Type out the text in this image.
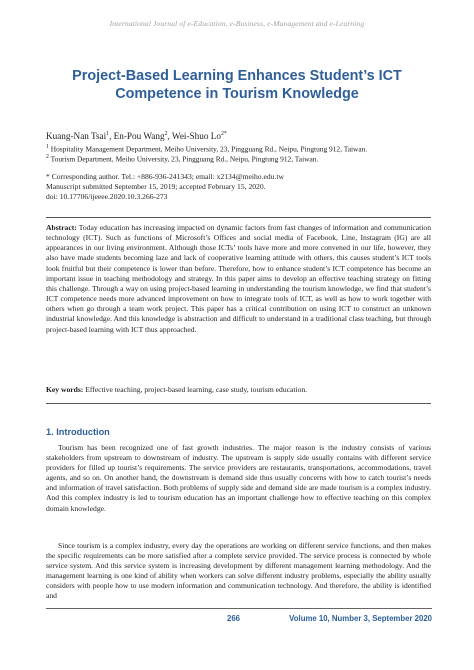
International Journal of e-Education, e-Business, e-Management and e-Learning
Project-Based Learning Enhances Student’s ICT
Competence in Tourism Knowledge
Kuang-Nan Tsai$^1$, En-Pou Wang$^2$, Wei-Shuo $Lo^{2*}$
$^1$ Hospitality Management Department, Meiho University, 23, Pingguang Rd., Neipu, Pingtung 912, Taiwan.
$^2$ Tourism Department, Meiho University, 23, Pingguang Rd., Neipu, Pingtung 912, Taiwan.
* Corresponding author. Tel.: +886-936-241343; email: x2134@meiho.edu.tw
Manuscript submitted September 15, 2019; accepted February 15, 2020.
doi: 10.17706/ijeeee.2020.10.3.266-273
Abstract: Today education has increasing impacted on dynamic factors from fast changes of information and communication technology (ICT). Such as functions of Microsoft’s Offices and social media of Facebook, Line, Instagram (IG) are all appearances in our living environment. Although those ICTs’ tools have more and more convened in our life, however, they also have made students becoming laze and lack of cooperative learning attitude with others, this causes student’s ICT tools look fruitful but their competence is lower than before. Therefore, how to enhance student’s ICT competence has become an important issue in teaching methodology and strategy. In this paper aims to develop an effective teaching strategy on fitting this challenge. Through a way on using project-based learning in understanding the tourism knowledge, we find that student’s ICT competence needs more advanced improvement on how to integrate tools of ICT, as well as how to work together with others when go through a team work project. This paper has a critical contribution on using ICT to construct an unknown industrial knowledge. And this knowledge is abstraction and difficult to understand in a traditional class teaching, but through project-based learning with ICT thus approached.
Key words: Effective teaching, project-based learning, case study, tourism education.
1. Introduction
Tourism has been recognized one of fast growth industries. The major reason is the industry consists of various stakeholders from upstream to downstream of industry. The upstream is supply side usually contains with different service providers for filled up tourist’s requirements. The service providers are restaurants, transportations, accommodations, travel agents, and so on. On another hand, the downstream is demand side thus usually concerns with how to catch tourist’s needs and information of travel satisfaction. Both problems of supply side and demand side are made tourism is a complex industry. And this complex industry is led to tourism education has an important challenge how to effective teaching on this complex domain knowledge.
Since tourism is a complex industry, every day the operations are working on different service functions, and then makes the specific requirements can be more satisfied after a complete service provided. The service process is connected by whole service system. And this service system is increasing development by different management learning methodology. And the management learning is one kind of ability when workers can solve different industry problems, especially the ability usually considers with people how to use modern information and communication technology. And therefore, the ability is identified and
266	Volume 10, Number 3, September 2020
